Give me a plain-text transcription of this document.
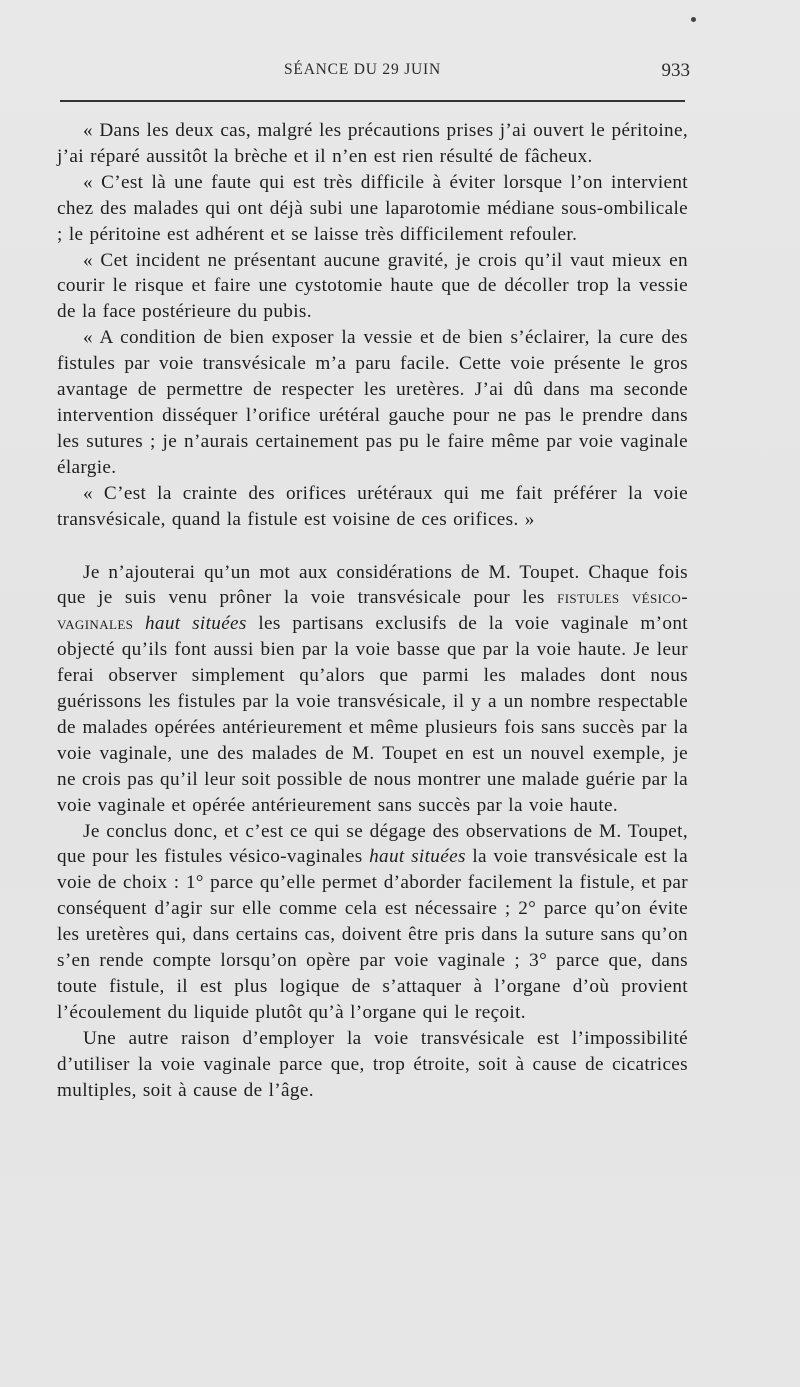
SÉANCE DU 29 JUIN	933

« Dans les deux cas, malgré les précautions prises j’ai ouvert le péritoine, j’ai réparé aussitôt la brèche et il n’en est rien résulté de fâcheux.

« C’est là une faute qui est très difficile à éviter lorsque l’on intervient chez des malades qui ont déjà subi une laparotomie médiane sous-ombilicale ; le péritoine est adhérent et se laisse très difficilement refouler.

« Cet incident ne présentant aucune gravité, je crois qu’il vaut mieux en courir le risque et faire une cystotomie haute que de décoller trop la vessie de la face postérieure du pubis.

« A condition de bien exposer la vessie et de bien s’éclairer, la cure des fistules par voie transvésicale m’a paru facile. Cette voie présente le gros avantage de permettre de respecter les uretères. J’ai dû dans ma seconde intervention disséquer l’orifice urétéral gauche pour ne pas le prendre dans les sutures ; je n’aurais certainement pas pu le faire même par voie vaginale élargie.

« C’est la crainte des orifices urétéraux qui me fait préférer la voie transvésicale, quand la fistule est voisine de ces orifices. »

Je n’ajouterai qu’un mot aux considérations de M. Toupet. Chaque fois que je suis venu prôner la voie transvésicale pour les fistules vésico-vaginales haut situées les partisans exclusifs de la voie vaginale m’ont objecté qu’ils font aussi bien par la voie basse que par la voie haute. Je leur ferai observer simplement qu’alors que parmi les malades dont nous guérissons les fistules par la voie transvésicale, il y a un nombre respectable de malades opérées antérieurement et même plusieurs fois sans succès par la voie vaginale, une des malades de M. Toupet en est un nouvel exemple, je ne crois pas qu’il leur soit possible de nous montrer une malade guérie par la voie vaginale et opérée antérieurement sans succès par la voie haute.

Je conclus donc, et c’est ce qui se dégage des observations de M. Toupet, que pour les fistules vésico-vaginales haut situées la voie transvésicale est la voie de choix : 1° parce qu’elle permet d’aborder facilement la fistule, et par conséquent d’agir sur elle comme cela est nécessaire ; 2° parce qu’on évite les uretères qui, dans certains cas, doivent être pris dans la suture sans qu’on s’en rende compte lorsqu’on opère par voie vaginale ; 3° parce que, dans toute fistule, il est plus logique de s’attaquer à l’organe d’où provient l’écoulement du liquide plutôt qu’à l’organe qui le reçoit.

Une autre raison d’employer la voie transvésicale est l’impossibilité d’utiliser la voie vaginale parce que, trop étroite, soit à cause de cicatrices multiples, soit à cause de l’âge.
